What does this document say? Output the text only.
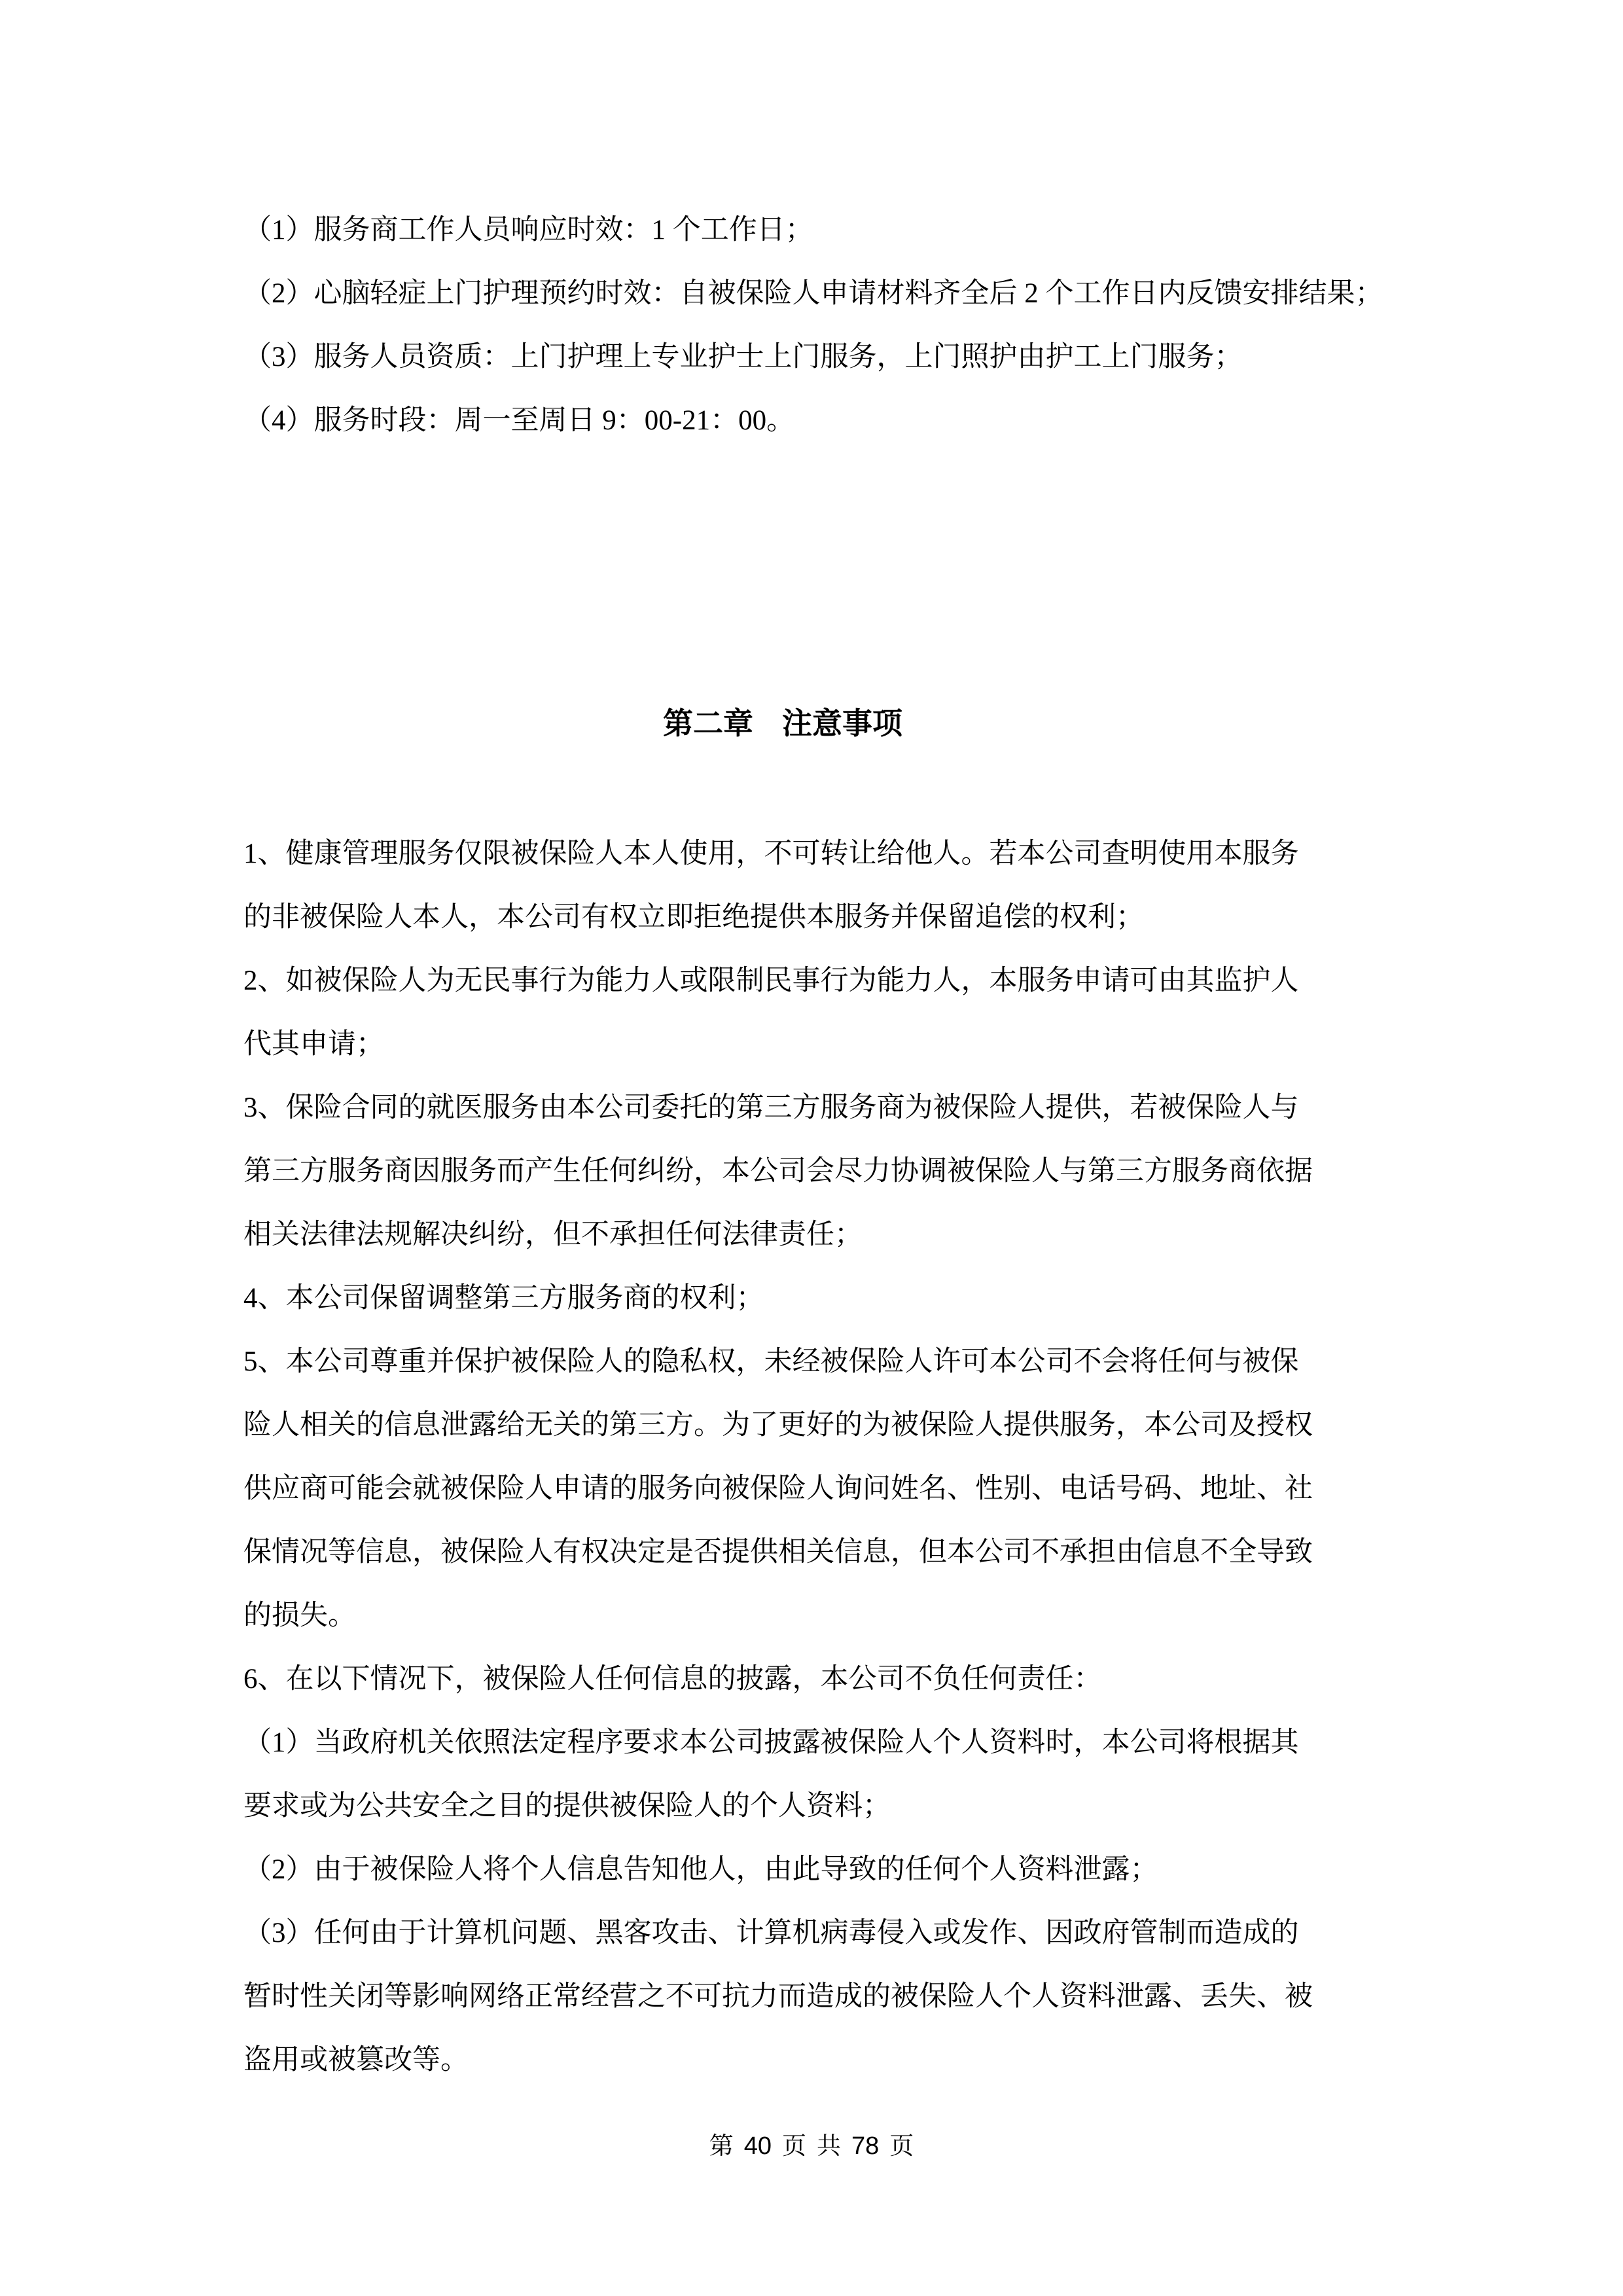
（1）服务商工作人员响应时效：1 个工作日；
（2）心脑轻症上门护理预约时效：自被保险人申请材料齐全后 2 个工作日内反馈安排结果；
（3）服务人员资质：上门护理上专业护士上门服务，上门照护由护工上门服务；
（4）服务时段：周一至周日 9：00-21：00。
第二章 注意事项
1、健康管理服务仅限被保险人本人使用，不可转让给他人。若本公司查明使用本服务
的非被保险人本人，本公司有权立即拒绝提供本服务并保留追偿的权利；
2、如被保险人为无民事行为能力人或限制民事行为能力人，本服务申请可由其监护人
代其申请；
3、保险合同的就医服务由本公司委托的第三方服务商为被保险人提供，若被保险人与
第三方服务商因服务而产生任何纠纷，本公司会尽力协调被保险人与第三方服务商依据
相关法律法规解决纠纷，但不承担任何法律责任；
4、本公司保留调整第三方服务商的权利；
5、本公司尊重并保护被保险人的隐私权，未经被保险人许可本公司不会将任何与被保
险人相关的信息泄露给无关的第三方。为了更好的为被保险人提供服务，本公司及授权
供应商可能会就被保险人申请的服务向被保险人询问姓名、性别、电话号码、地址、社
保情况等信息，被保险人有权决定是否提供相关信息，但本公司不承担由信息不全导致
的损失。
6、在以下情况下，被保险人任何信息的披露，本公司不负任何责任：
（1）当政府机关依照法定程序要求本公司披露被保险人个人资料时，本公司将根据其
要求或为公共安全之目的提供被保险人的个人资料；
（2）由于被保险人将个人信息告知他人，由此导致的任何个人资料泄露；
（3）任何由于计算机问题、黑客攻击、计算机病毒侵入或发作、因政府管制而造成的
暂时性关闭等影响网络正常经营之不可抗力而造成的被保险人个人资料泄露、丢失、被
盗用或被篡改等。
第 40 页 共 78 页
